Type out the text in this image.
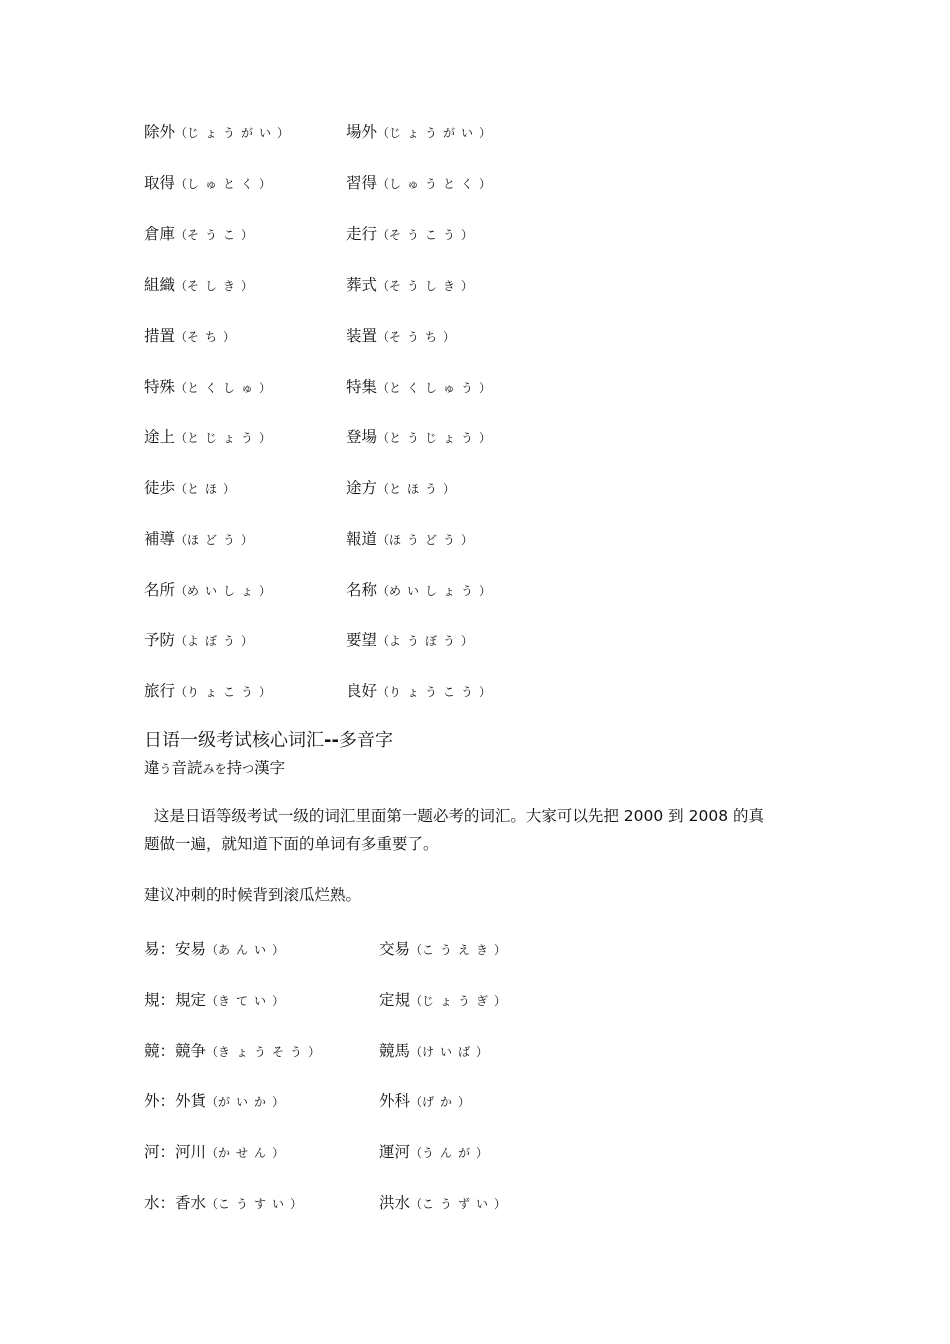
除外（じょうがい）	場外（じょうがい）
取得（しゅとく）	習得（しゅうとく）
倉庫（そうこ）	走行（そうこう）
組織（そしき）	葬式（そうしき）
措置（そち）	装置（そうち）
特殊（とくしゅ）	特集（とくしゅう）
途上（とじょう）	登場（とうじょう）
徒歩（とほ）	途方（とほう）
補導（ほどう）	報道（ほうどう）
名所（めいしょ）	名称（めいしょう）
予防（よぼう）	要望（ようぼう）
旅行（りょこう）	良好（りょうこう）
日语一级考试核心词汇--多音字
違う音読みを持つ漢字
这是日语等级考试一级的词汇里面第一题必考的词汇。大家可以先把 2000 到 2008 的真
题做一遍，就知道下面的单词有多重要了。
建议冲刺的时候背到滚瓜烂熟。
易：安易（あんい）	交易（こうえき）
規：規定（きてい）	定規（じょうぎ）
競：競争（きょうそう）	競馬（けいば）
外：外貨（がいか）	外科（げか）
河：河川（かせん）	運河（うんが）
水：香水（こうすい）	洪水（こうずい）
